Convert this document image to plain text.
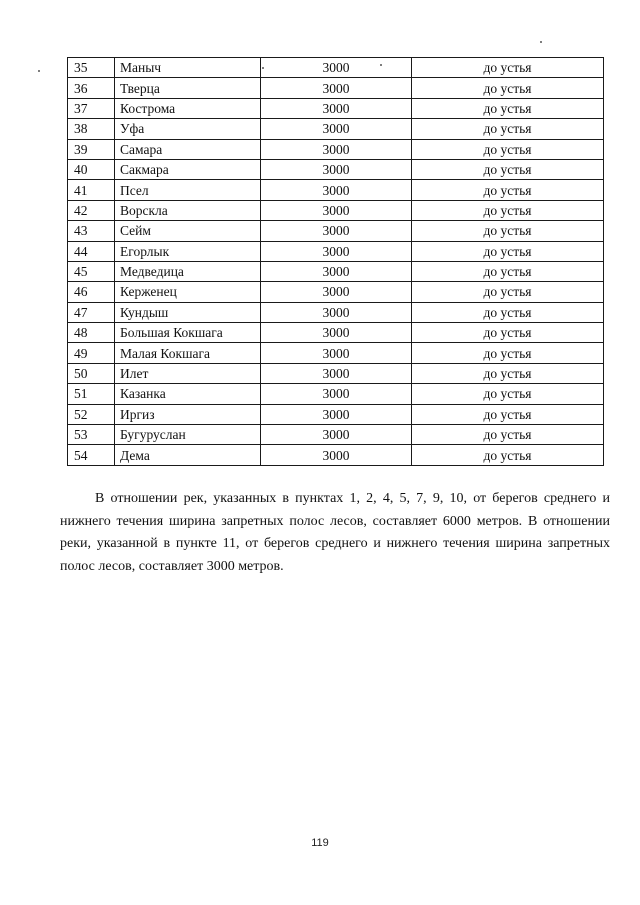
35	Маныч	3000	до устья
36	Тверца	3000	до устья
37	Кострома	3000	до устья
38	Уфа	3000	до устья
39	Самара	3000	до устья
40	Сакмара	3000	до устья
41	Псел	3000	до устья
42	Ворскла	3000	до устья
43	Сейм	3000	до устья
44	Егорлык	3000	до устья
45	Медведица	3000	до устья
46	Керженец	3000	до устья
47	Кундыш	3000	до устья
48	Большая Кокшага	3000	до устья
49	Малая Кокшага	3000	до устья
50	Илет	3000	до устья
51	Казанка	3000	до устья
52	Иргиз	3000	до устья
53	Бугуруслан	3000	до устья
54	Дема	3000	до устья

В отношении рек, указанных в пунктах 1, 2, 4, 5, 7, 9, 10, от берегов среднего и нижнего течения ширина запретных полос лесов, составляет 6000 метров. В отношении реки, указанной в пункте 11, от берегов среднего и нижнего течения ширина запретных полос лесов, составляет 3000 метров.

119
